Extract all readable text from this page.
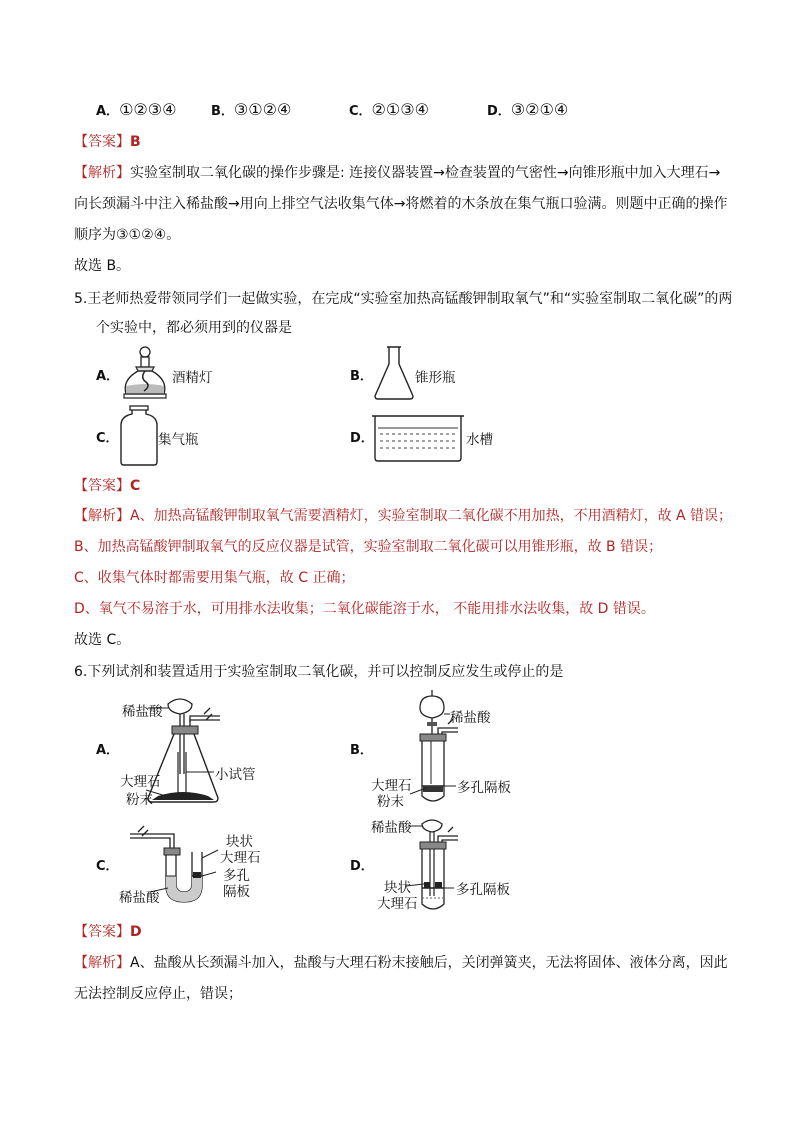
A．①②③④	B．③①②④	C．②①③④	D．③②①④
【答案】B
【解析】实验室制取二氧化碳的操作步骤是: 连接仪器装置→检查装置的气密性→向锥形瓶中加入大理石→
向长颈漏斗中注入稀盐酸→用向上排空气法收集气体→将燃着的木条放在集气瓶口验满。则题中正确的操作
顺序为③①②④。
故选 B。
5.王老师热爱带领同学们一起做实验，在完成“实验室加热高锰酸钾制取氧气”和“实验室制取二氧化碳”的两
个实验中，都必须用到的仪器是
A．	酒精灯	B．	锥形瓶
C．	集气瓶	D．	水槽
【答案】C
【解析】A、加热高锰酸钾制取氧气需要酒精灯，实验室制取二氧化碳不用加热，不用酒精灯，故 A 错误；
B、加热高锰酸钾制取氧气的反应仪器是试管，实验室制取二氧化碳可以用锥形瓶，故 B 错误；
C、收集气体时都需要用集气瓶，故 C 正确；
D、氧气不易溶于水，可用排水法收集；二氧化碳能溶于水， 不能用排水法收集，故 D 错误。
故选 C。
6.下列试剂和装置适用于实验室制取二氧化碳，并可以控制反应发生或停止的是
A．
稀盐酸
小试管
大理石
粉末
B．
稀盐酸
大理石
粉末
多孔隔板
C．
块状
大理石
多孔
隔板
稀盐酸
D．
稀盐酸
块状
大理石
多孔隔板
【答案】D
【解析】A、盐酸从长颈漏斗加入，盐酸与大理石粉末接触后，关闭弹簧夹，无法将固体、液体分离，因此
无法控制反应停止，错误；
